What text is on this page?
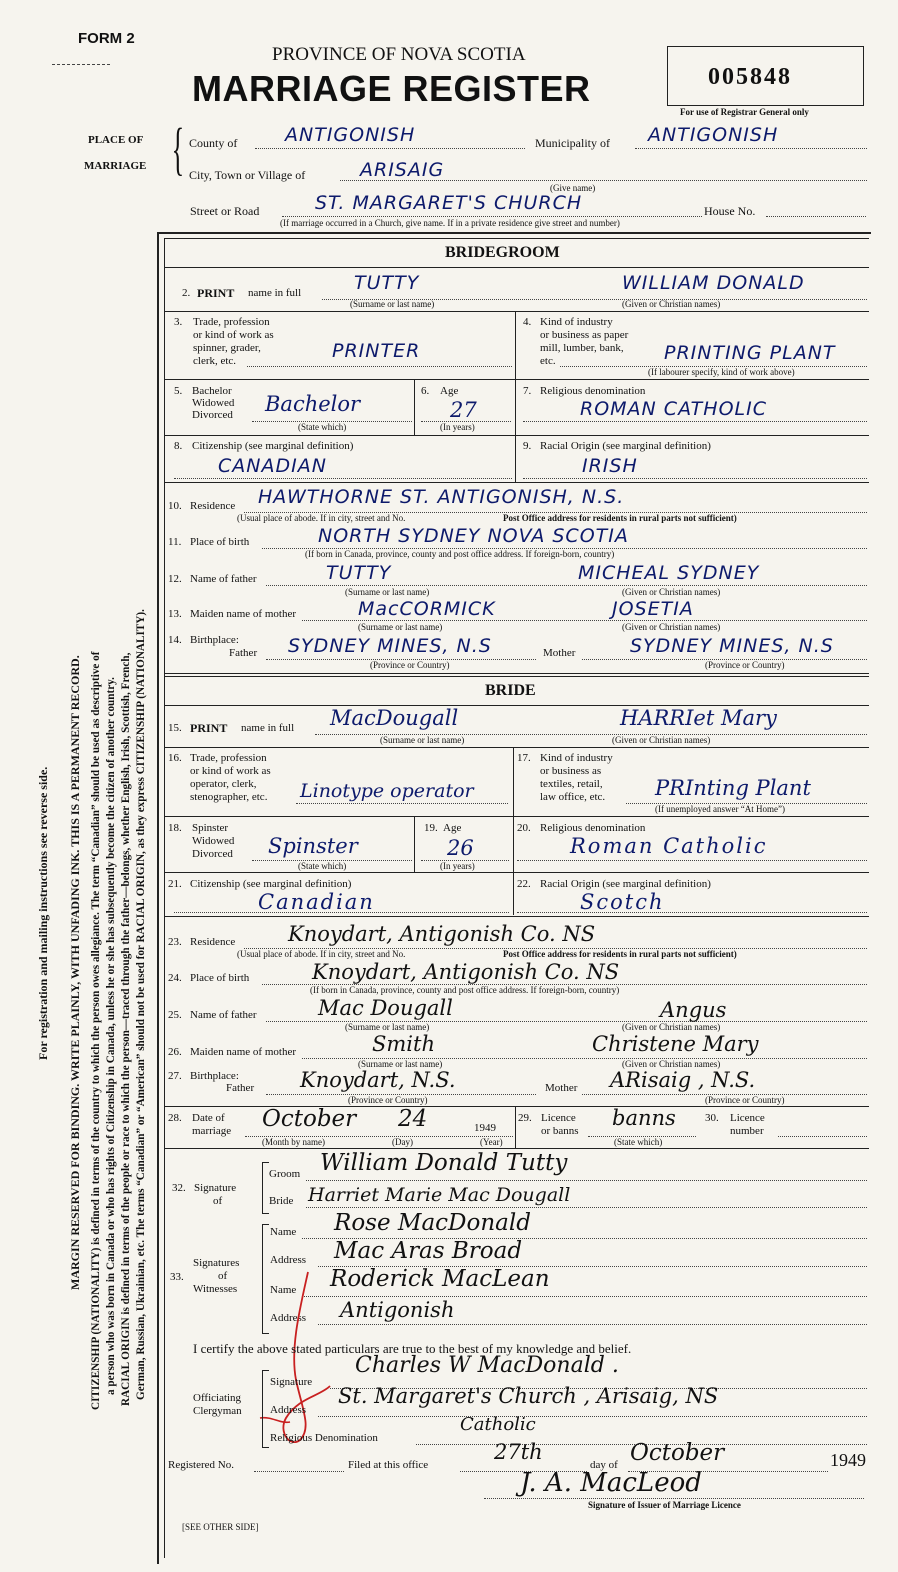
For registration and mailing instructions see reverse side. MARGIN RESERVED FOR BINDING. WRITE PLAINLY, WITH UNFADING INK. THIS IS A PERMANENT RECORD. CITIZENSHIP (NATIONALITY) is defined in terms of the country to which the person owes allegiance. The term “Canadian” should be used as descriptive of a person who was born in Canada or who has rights of Citizenship in Canada, unless he or she has subsequently become the citizen of another country. RACIAL ORIGIN is defined in terms of the people or race to which the person—traced through the father—belongs, whether English, Irish, Scottish, French, German, Russian, Ukrainian, etc. The terms “Canadian” or “American” should not be used for RACIAL ORIGIN, as they express CITIZENSHIP (NATIONALITY).
FORM 2
PROVINCE OF NOVA SCOTIA
MARRIAGE REGISTER	005848
For use of Registrar General only
PLACE OF
MARRIAGE { County of	ANTIGONISH	Municipality of ANTIGONISH
City, Town or Village of	ARISAIG
(Give name)
Street or Road	ST. MARGARET'S CHURCH	House No.
(If marriage occurred in a Church, give name. If in a private residence give street and number)
BRIDEGROOM
2. PRINT name in full	TUTTY	WILLIAM DONALD
(Surname or last name)	(Given or Christian names)
3. Trade, profession
or kind of work as
spinner, grader,
clerk, etc.	PRINTER
4. Kind of industry
or business as paper
mill, lumber, bank,
etc.	PRINTING PLANT
(If labourer specify, kind of work above)
5. Bachelor
Widowed
Divorced Bachelor
(State which)
6. Age
27
(In years)
7. Religious denomination
ROMAN CATHOLIC
8. Citizenship (see marginal definition)
CANADIAN
9. Racial Origin (see marginal definition)
IRISH
10. Residence HAWTHORNE ST. ANTIGONISH, N.S.
(Usual place of abode. If in city, street and No.	Post Office address for residents in rural parts not sufficient)
11. Place of birth	NORTH SYDNEY NOVA SCOTIA
(If born in Canada, province, county and post office address. If foreign-born, country)
12. Name of father	TUTTY	MICHEAL SYDNEY
(Surname or last name)	(Given or Christian names)
13. Maiden name of mother	MacCORMICK	JOSETIA
(Surname or last name)	(Given or Christian names)
14. Birthplace:
Father SYDNEY MINES, N.S	Mother	SYDNEY MINES, N.S
(Province or Country)	(Province or Country)
BRIDE
15. PRINT name in full MacDougall	HARRIet Mary
(Surname or last name)	(Given or Christian names)
16. Trade, profession
or kind of work as
operator, clerk,
stenographer, etc. Linotype operator
17. Kind of industry
or business as
textiles, retail,
law office, etc. PRInting Plant
(If unemployed answer “At Home”)
18. Spinster
Widowed
Divorced Spinster
(State which)
19. Age
26
(In years)
20. Religious denomination
Roman Catholic
21. Citizenship (see marginal definition)
Canadian
22. Racial Origin (see marginal definition)
Scotch
23. Residence	Knoydart, Antigonish Co. NS
(Usual place of abode. If in city, street and No.	Post Office address for residents in rural parts not sufficient)
24. Place of birth	Knoydart, Antigonish Co. NS
(If born in Canada, province, county and post office address. If foreign-born, country)
25. Name of father	Mac Dougall	Angus
(Surname or last name)	(Given or Christian names)
26. Maiden name of mother	Smith	Christene Mary
(Surname or last name)	(Given or Christian names)
27. Birthplace:
Father Knoydart, N.S.	Mother ARisaig , N.S.
(Province or Country)	(Province or Country)
28. Date of
marriage October 24	1949
(Month by name)	(Day)	(Year)
29. Licence
or banns
banns
(State which)
30. Licence
number
32. Signature
of
Groom William Donald Tutty
Bride Harriet Marie Mac Dougall
33.
Signatures
of
Witnesses
Name Rose MacDonald
Address Mac Aras Broad
Name Roderick MacLean
Address Antigonish
I certify the above stated particulars are true to the best of my knowledge and belief.
Officiating
Clergyman
Signature
Charles W MacDonald .
Address
St. Margaret's Church , Arisaig, NS
Religious Denomination
Catholic
Registered No.	Filed at this office
27th
day of October	1949
J. A. MacLeod
Signature of Issuer of Marriage Licence
[SEE OTHER SIDE]
